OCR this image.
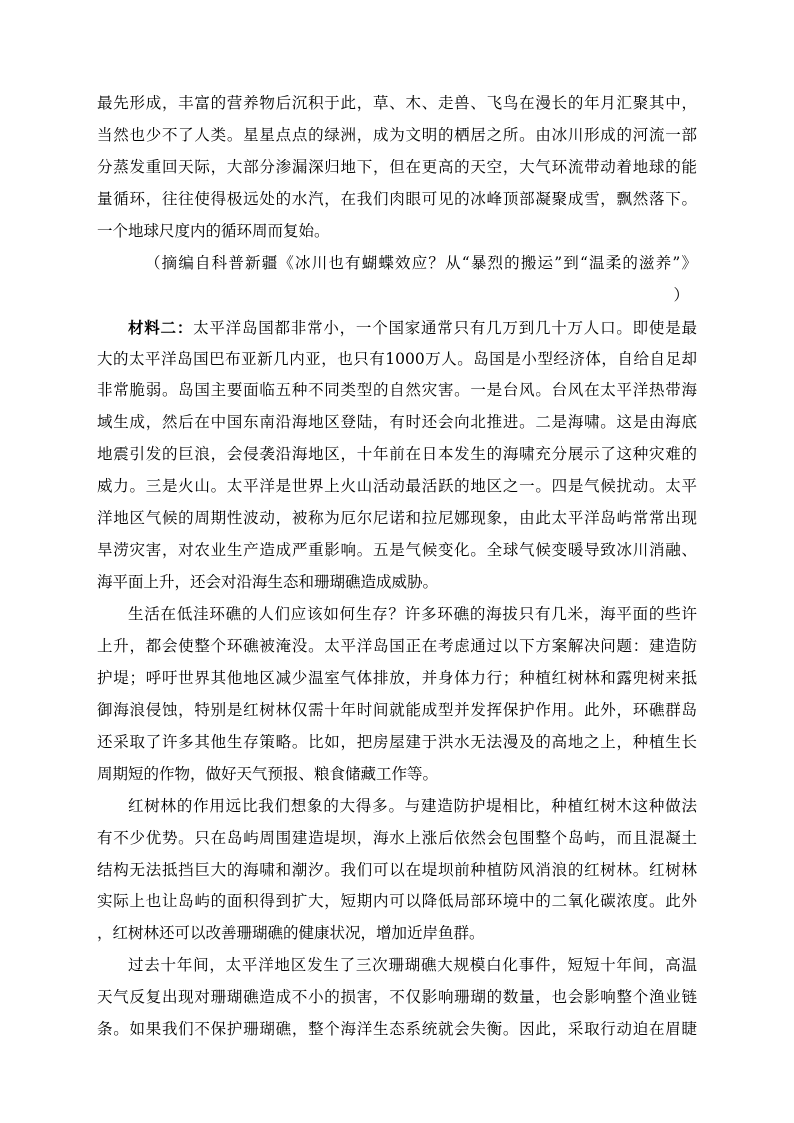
最先形成，丰富的营养物后沉积于此，草、木、走兽、飞鸟在漫长的年月汇聚其中，
当然也少不了人类。星星点点的绿洲，成为文明的栖居之所。由冰川形成的河流一部
分蒸发重回天际，大部分渗漏深归地下，但在更高的天空，大气环流带动着地球的能
量循环，往往使得极远处的水汽，在我们肉眼可见的冰峰顶部凝聚成雪，飘然落下。
一个地球尺度内的循环周而复始。
（摘编自科普新疆《冰川也有蝴蝶效应？从“暴烈的搬运”到“温柔的滋养”》
）
材料二：太平洋岛国都非常小，一个国家通常只有几万到几十万人口。即使是最
大的太平洋岛国巴布亚新几内亚，也只有1000万人。岛国是小型经济体，自给自足却
非常脆弱。岛国主要面临五种不同类型的自然灾害。一是台风。台风在太平洋热带海
域生成，然后在中国东南沿海地区登陆，有时还会向北推进。二是海啸。这是由海底
地震引发的巨浪，会侵袭沿海地区，十年前在日本发生的海啸充分展示了这种灾难的
威力。三是火山。太平洋是世界上火山活动最活跃的地区之一。四是气候扰动。太平
洋地区气候的周期性波动，被称为厄尔尼诺和拉尼娜现象，由此太平洋岛屿常常出现
旱涝灾害，对农业生产造成严重影响。五是气候变化。全球气候变暖导致冰川消融、
海平面上升，还会对沿海生态和珊瑚礁造成威胁。
生活在低洼环礁的人们应该如何生存？许多环礁的海拔只有几米，海平面的些许
上升，都会使整个环礁被淹没。太平洋岛国正在考虑通过以下方案解决问题：建造防
护堤；呼吁世界其他地区减少温室气体排放，并身体力行；种植红树林和露兜树来抵
御海浪侵蚀，特别是红树林仅需十年时间就能成型并发挥保护作用。此外，环礁群岛
还采取了许多其他生存策略。比如，把房屋建于洪水无法漫及的高地之上，种植生长
周期短的作物，做好天气预报、粮食储藏工作等。
红树林的作用远比我们想象的大得多。与建造防护堤相比，种植红树木这种做法
有不少优势。只在岛屿周围建造堤坝，海水上涨后依然会包围整个岛屿，而且混凝土
结构无法抵挡巨大的海啸和潮汐。我们可以在堤坝前种植防风消浪的红树林。红树林
实际上也让岛屿的面积得到扩大，短期内可以降低局部环境中的二氧化碳浓度。此外
，红树林还可以改善珊瑚礁的健康状况，增加近岸鱼群。
过去十年间，太平洋地区发生了三次珊瑚礁大规模白化事件，短短十年间，高温
天气反复出现对珊瑚礁造成不小的损害，不仅影响珊瑚的数量，也会影响整个渔业链
条。如果我们不保护珊瑚礁，整个海洋生态系统就会失衡。因此，采取行动迫在眉睫
